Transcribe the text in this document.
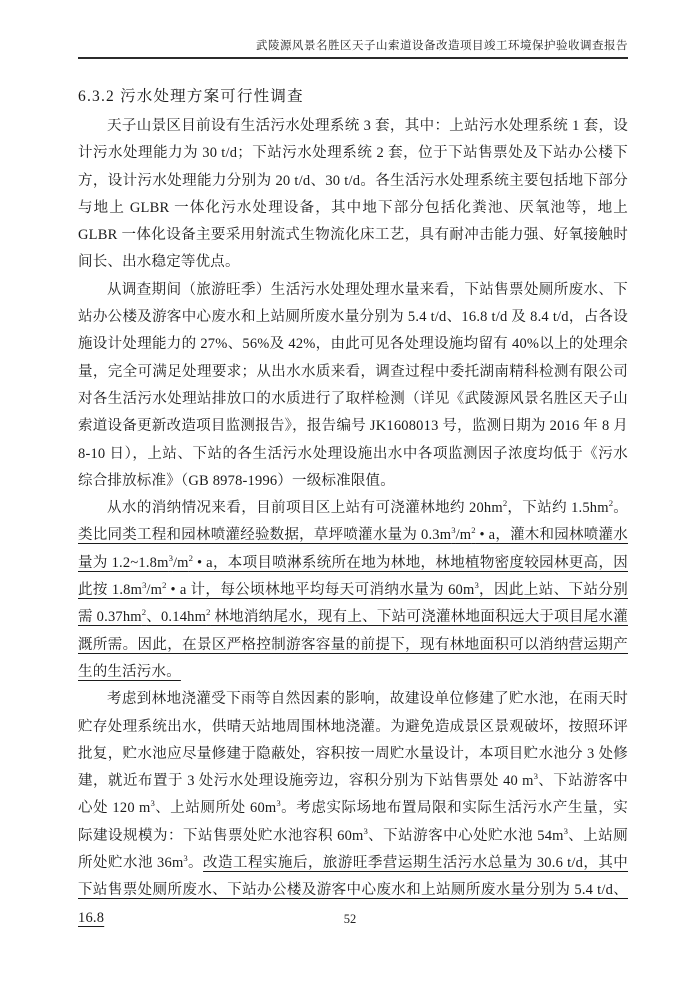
武陵源风景名胜区天子山索道设备改造项目竣工环境保护验收调查报告
6.3.2 污水处理方案可行性调查

天子山景区目前设有生活污水处理系统 3 套，其中：上站污水处理系统 1 套，设计污水处理能力为 30 t/d；下站污水处理系统 2 套，位于下站售票处及下站办公楼下方，设计污水处理能力分别为 20 t/d、30 t/d。各生活污水处理系统主要包括地下部分与地上 GLBR 一体化污水处理设备，其中地下部分包括化粪池、厌氧池等，地上 GLBR 一体化设备主要采用射流式生物流化床工艺，具有耐冲击能力强、好氧接触时间长、出水稳定等优点。

从调查期间（旅游旺季）生活污水处理处理水量来看，下站售票处厕所废水、下站办公楼及游客中心废水和上站厕所废水量分别为 5.4 t/d、16.8 t/d 及 8.4 t/d，占各设施设计处理能力的 27%、56%及 42%，由此可见各处理设施均留有 40%以上的处理余量，完全可满足处理要求；从出水水质来看，调查过程中委托湖南精科检测有限公司对各生活污水处理站排放口的水质进行了取样检测（详见《武陵源风景名胜区天子山索道设备更新改造项目监测报告》，报告编号 JK1608013 号，监测日期为 2016 年 8 月 8-10 日），上站、下站的各生活污水处理设施出水中各项监测因子浓度均低于《污水综合排放标准》（GB 8978-1996）一级标准限值。

从水的消纳情况来看，目前项目区上站有可浇灌林地约 $20hm^2$，下站约 $1.5hm^2$。类比同类工程和园林喷灌经验数据，草坪喷灌水量为 $0.3m^3/m^2$ • a，灌木和园林喷灌水量为 $1.2\sim 1.8m^3/m^2$ • a，本项目喷淋系统所在地为林地，林地植物密度较园林更高，因此按 $1.8m^3/m^2$ • a 计，每公顷林地平均每天可消纳水量为 $60m^3$，因此上站、下站分别需 $0.37hm^2$、$0.14hm^2$ 林地消纳尾水，现有上、下站可浇灌林地面积远大于项目尾水灌溉所需。因此，在景区严格控制游客容量的前提下，现有林地面积可以消纳营运期产生的生活污水。

考虑到林地浇灌受下雨等自然因素的影响，故建设单位修建了贮水池，在雨天时贮存处理系统出水，供晴天站地周围林地浇灌。为避免造成景区景观破坏，按照环评批复，贮水池应尽量修建于隐蔽处，容积按一周贮水量设计，本项目贮水池分 3 处修建，就近布置于 3 处污水处理设施旁边，容积分别为下站售票处 40 $m^3$、下站游客中心处 120 $m^3$、上站厕所处 $60m^3$。考虑实际场地布置局限和实际生活污水产生量，实际建设规模为：下站售票处贮水池容积 $60m^3$、下站游客中心处贮水池 $54m^3$、上站厕所处贮水池 $36m^3$。改造工程实施后，旅游旺季营运期生活污水总量为 30.6 t/d，其中下站售票处厕所废水、下站办公楼及游客中心废水和上站厕所废水量分别为 5.4 t/d、16.8	52
